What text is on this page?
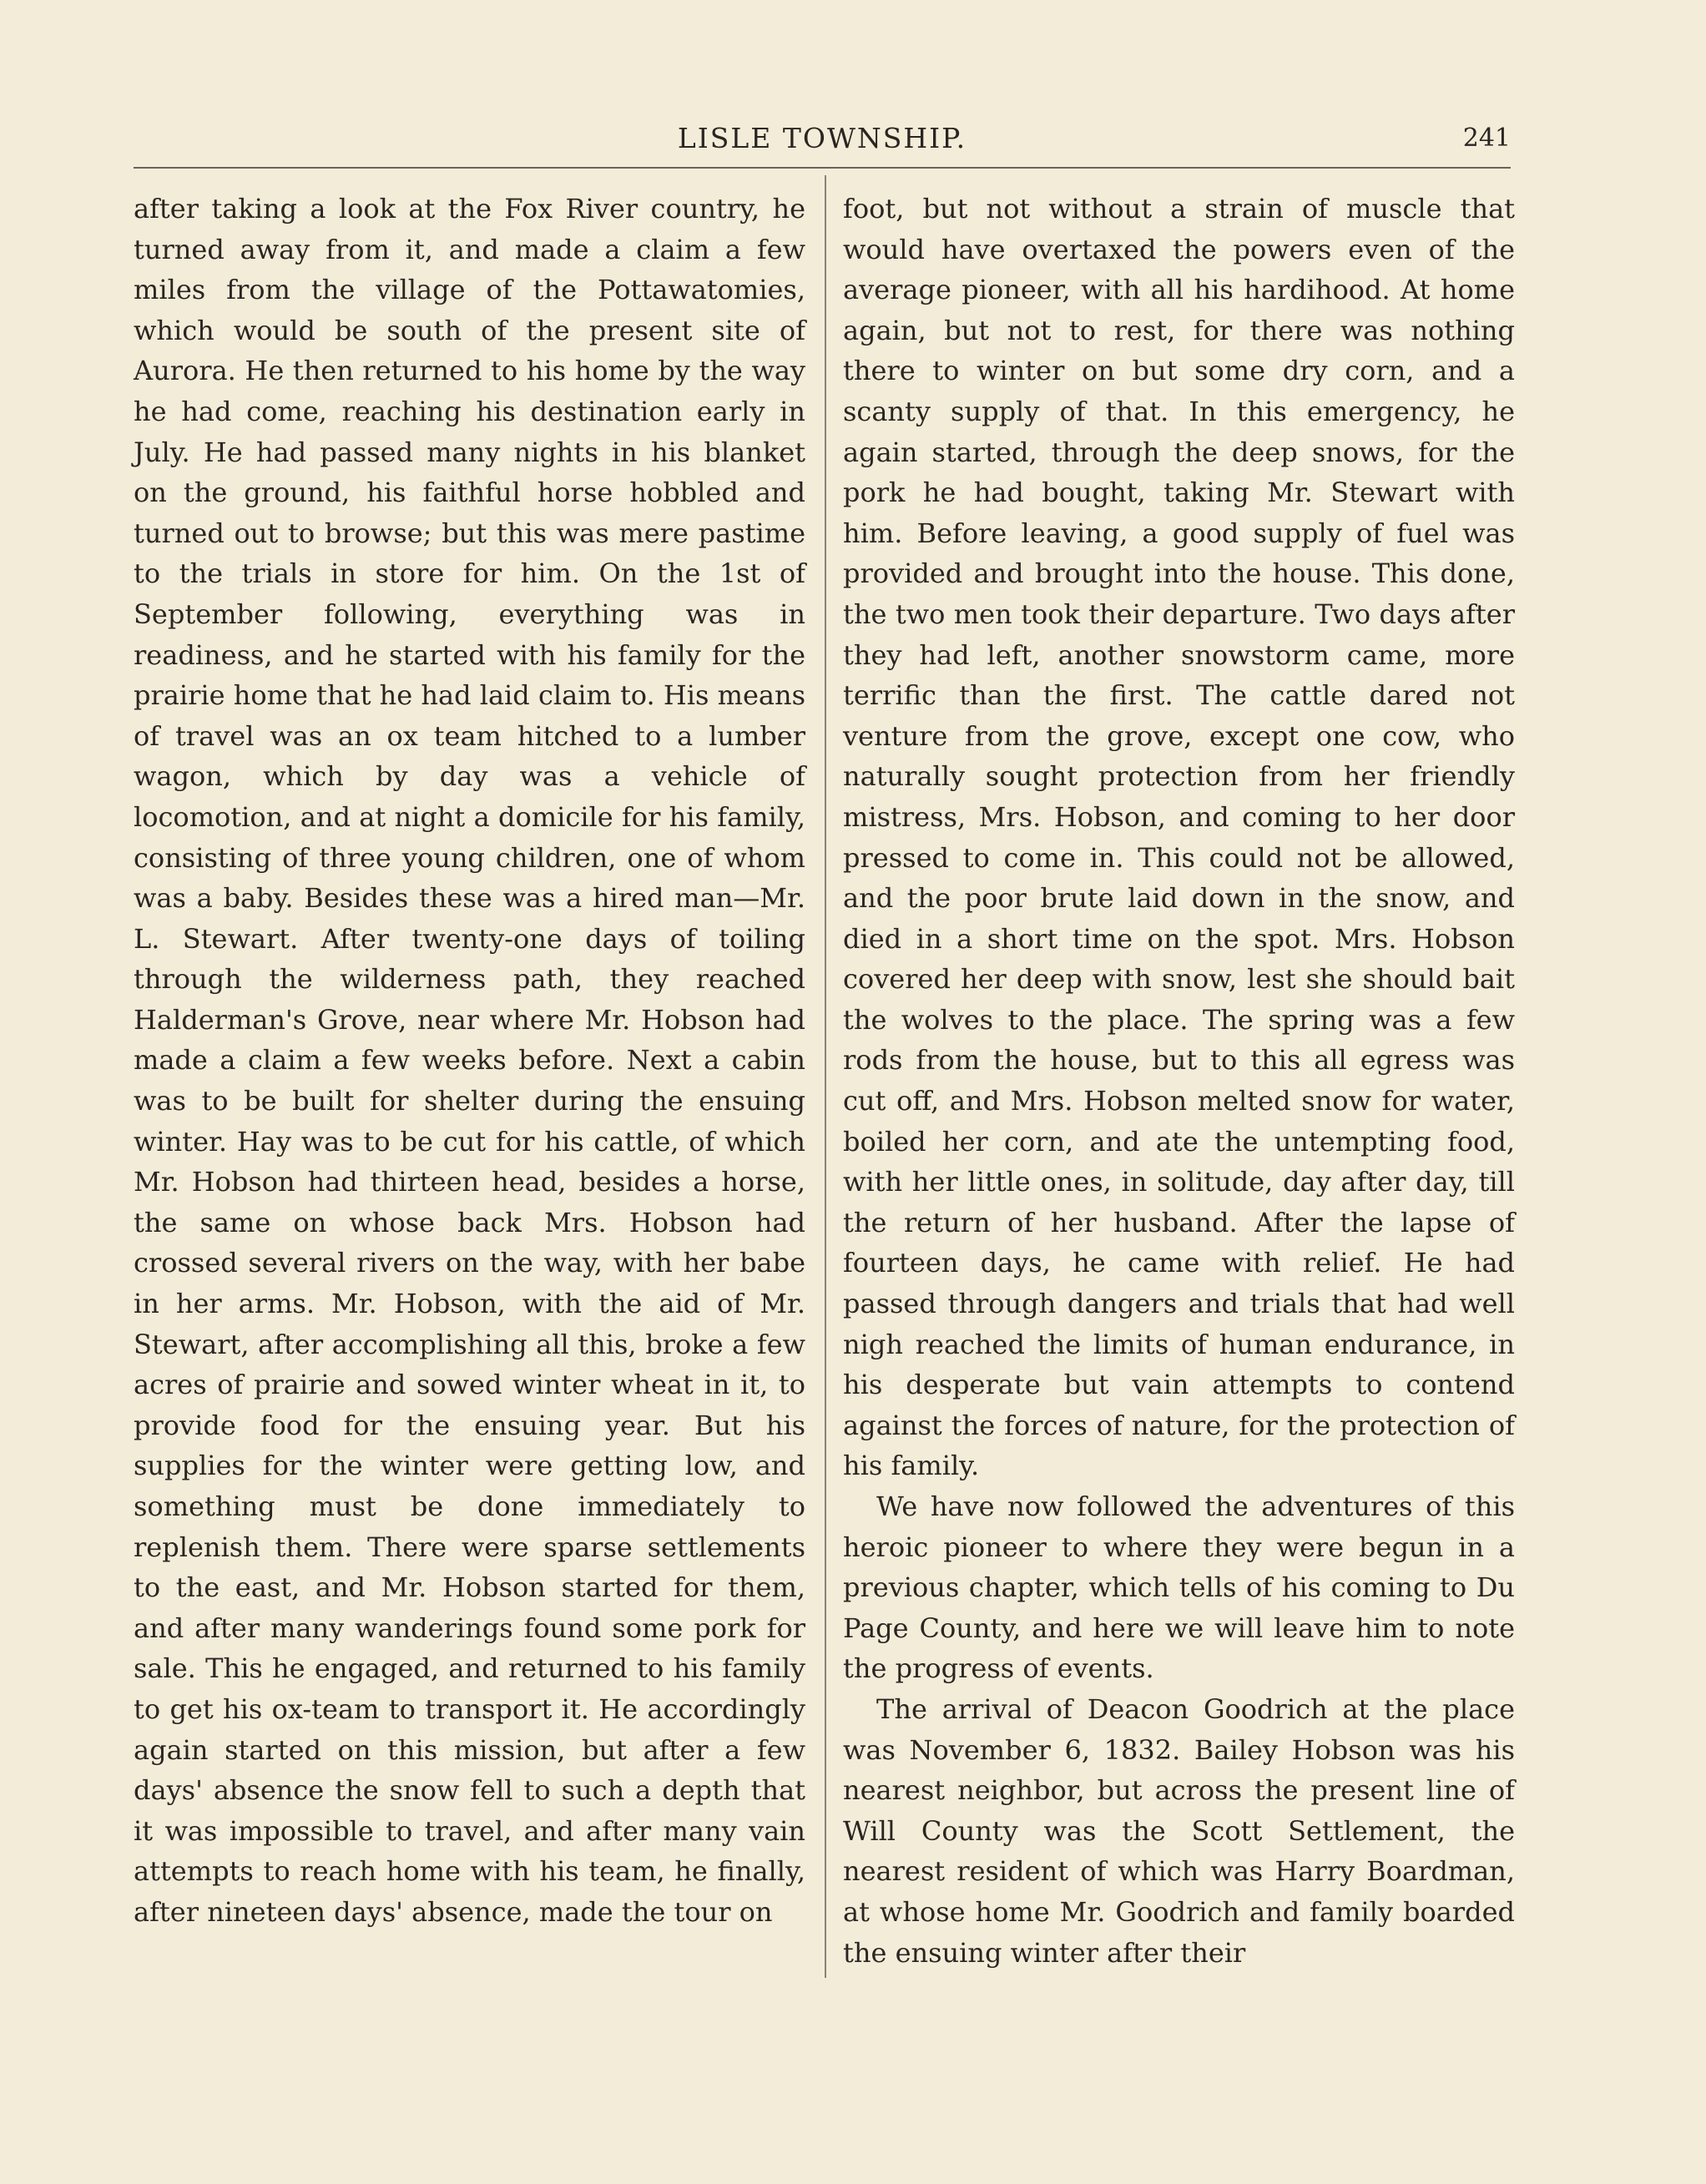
LISLE TOWNSHIP.	241

after taking a look at the Fox River country, he turned away from it, and made a claim a few miles from the village of the Pottawatomies, which would be south of the present site of Aurora. He then returned to his home by the way he had come, reaching his destination early in July. He had passed many nights in his blanket on the ground, his faithful horse hobbled and turned out to browse; but this was mere pastime to the trials in store for him. On the 1st of September following, everything was in readiness, and he started with his family for the prairie home that he had laid claim to. His means of travel was an ox team hitched to a lumber wagon, which by day was a vehicle of locomotion, and at night a domicile for his family, consisting of three young children, one of whom was a baby. Besides these was a hired man—Mr. L. Stewart. After twenty-one days of toiling through the wilderness path, they reached Halderman's Grove, near where Mr. Hobson had made a claim a few weeks before. Next a cabin was to be built for shelter during the ensuing winter. Hay was to be cut for his cattle, of which Mr. Hobson had thirteen head, besides a horse, the same on whose back Mrs. Hobson had crossed several rivers on the way, with her babe in her arms. Mr. Hobson, with the aid of Mr. Stewart, after accomplishing all this, broke a few acres of prairie and sowed winter wheat in it, to provide food for the ensuing year. But his supplies for the winter were getting low, and something must be done immediately to replenish them. There were sparse settlements to the east, and Mr. Hobson started for them, and after many wanderings found some pork for sale. This he engaged, and returned to his family to get his ox-team to transport it. He accordingly again started on this mission, but after a few days' absence the snow fell to such a depth that it was impossible to travel, and after many vain attempts to reach home with his team, he finally, after nineteen days' absence, made the tour on

foot, but not without a strain of muscle that would have overtaxed the powers even of the average pioneer, with all his hardihood. At home again, but not to rest, for there was nothing there to winter on but some dry corn, and a scanty supply of that. In this emergency, he again started, through the deep snows, for the pork he had bought, taking Mr. Stewart with him. Before leaving, a good supply of fuel was provided and brought into the house. This done, the two men took their departure. Two days after they had left, another snowstorm came, more terrific than the first. The cattle dared not venture from the grove, except one cow, who naturally sought protection from her friendly mistress, Mrs. Hobson, and coming to her door pressed to come in. This could not be allowed, and the poor brute laid down in the snow, and died in a short time on the spot. Mrs. Hobson covered her deep with snow, lest she should bait the wolves to the place. The spring was a few rods from the house, but to this all egress was cut off, and Mrs. Hobson melted snow for water, boiled her corn, and ate the untempting food, with her little ones, in solitude, day after day, till the return of her husband. After the lapse of fourteen days, he came with relief. He had passed through dangers and trials that had well nigh reached the limits of human endurance, in his desperate but vain attempts to contend against the forces of nature, for the protection of his family.

We have now followed the adventures of this heroic pioneer to where they were begun in a previous chapter, which tells of his coming to Du Page County, and here we will leave him to note the progress of events.

The arrival of Deacon Goodrich at the place was November 6, 1832. Bailey Hobson was his nearest neighbor, but across the present line of Will County was the Scott Settlement, the nearest resident of which was Harry Boardman, at whose home Mr. Goodrich and family boarded the ensuing winter after their
